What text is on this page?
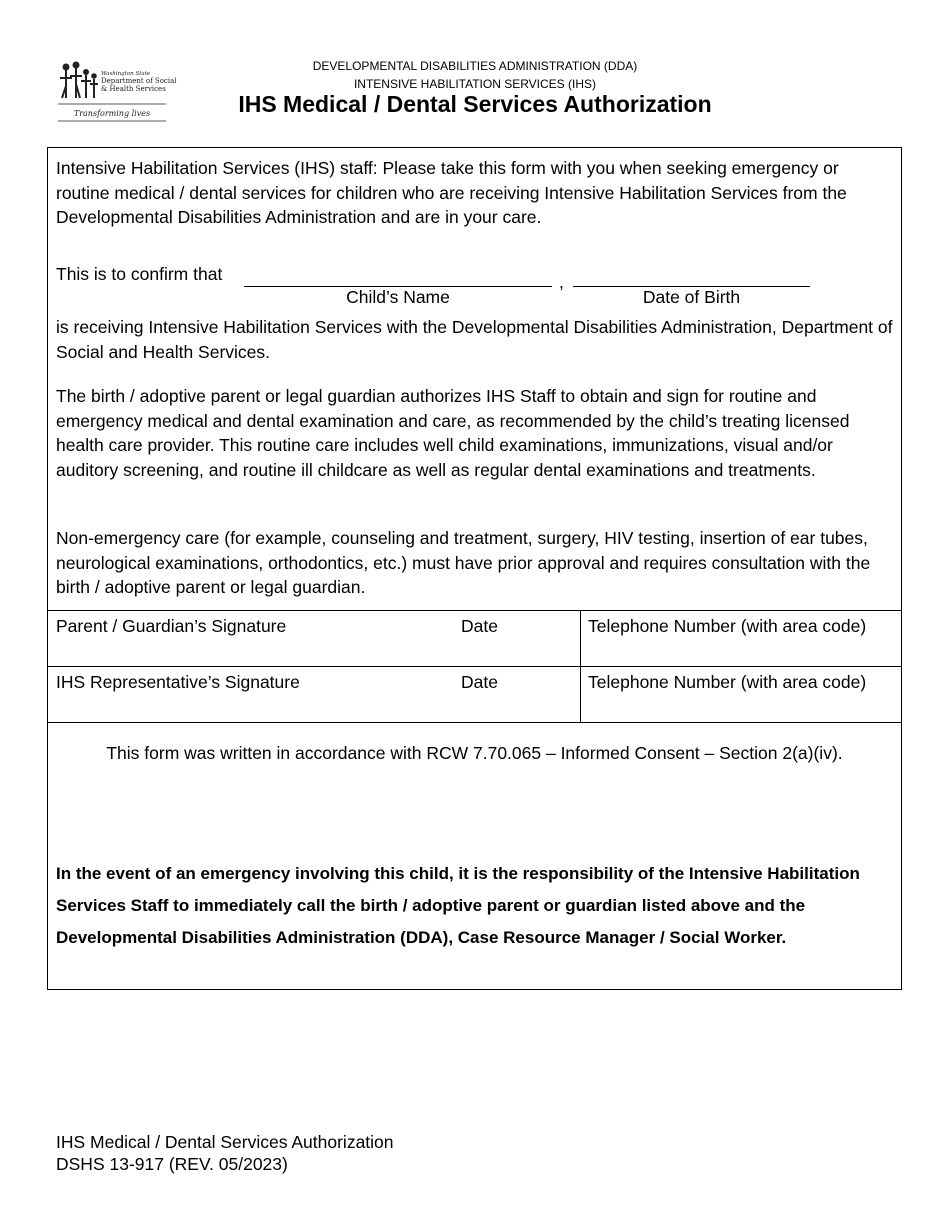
Washington State
Department of Social
& Health Services
Transforming lives
DEVELOPMENTAL DISABILITIES ADMINISTRATION (DDA)
INTENSIVE HABILITATION SERVICES (IHS)
IHS Medical / Dental Services Authorization

Intensive Habilitation Services (IHS) staff: Please take this form with you when seeking emergency or routine medical / dental services for children who are receiving Intensive Habilitation Services from the Developmental Disabilities Administration and are in your care.

This is to confirm that	,
Child’s Name	Date of Birth

is receiving Intensive Habilitation Services with the Developmental Disabilities Administration, Department of Social and Health Services.

The birth / adoptive parent or legal guardian authorizes IHS Staff to obtain and sign for routine and emergency medical and dental examination and care, as recommended by the child’s treating licensed health care provider. This routine care includes well child examinations, immunizations, visual and/or auditory screening, and routine ill childcare as well as regular dental examinations and treatments.

Non-emergency care (for example, counseling and treatment, surgery, HIV testing, insertion of ear tubes, neurological examinations, orthodontics, etc.) must have prior approval and requires consultation with the birth / adoptive parent or legal guardian.

Parent / Guardian’s Signature	Date	Telephone Number (with area code)
IHS Representative’s Signature	Date	Telephone Number (with area code)
This form was written in accordance with RCW 7.70.065 – Informed Consent – Section 2(a)(iv).

In the event of an emergency involving this child, it is the responsibility of the Intensive Habilitation Services Staff to immediately call the birth / adoptive parent or guardian listed above and the Developmental Disabilities Administration (DDA), Case Resource Manager / Social Worker.

IHS Medical / Dental Services Authorization
DSHS 13-917 (REV. 05/2023)
